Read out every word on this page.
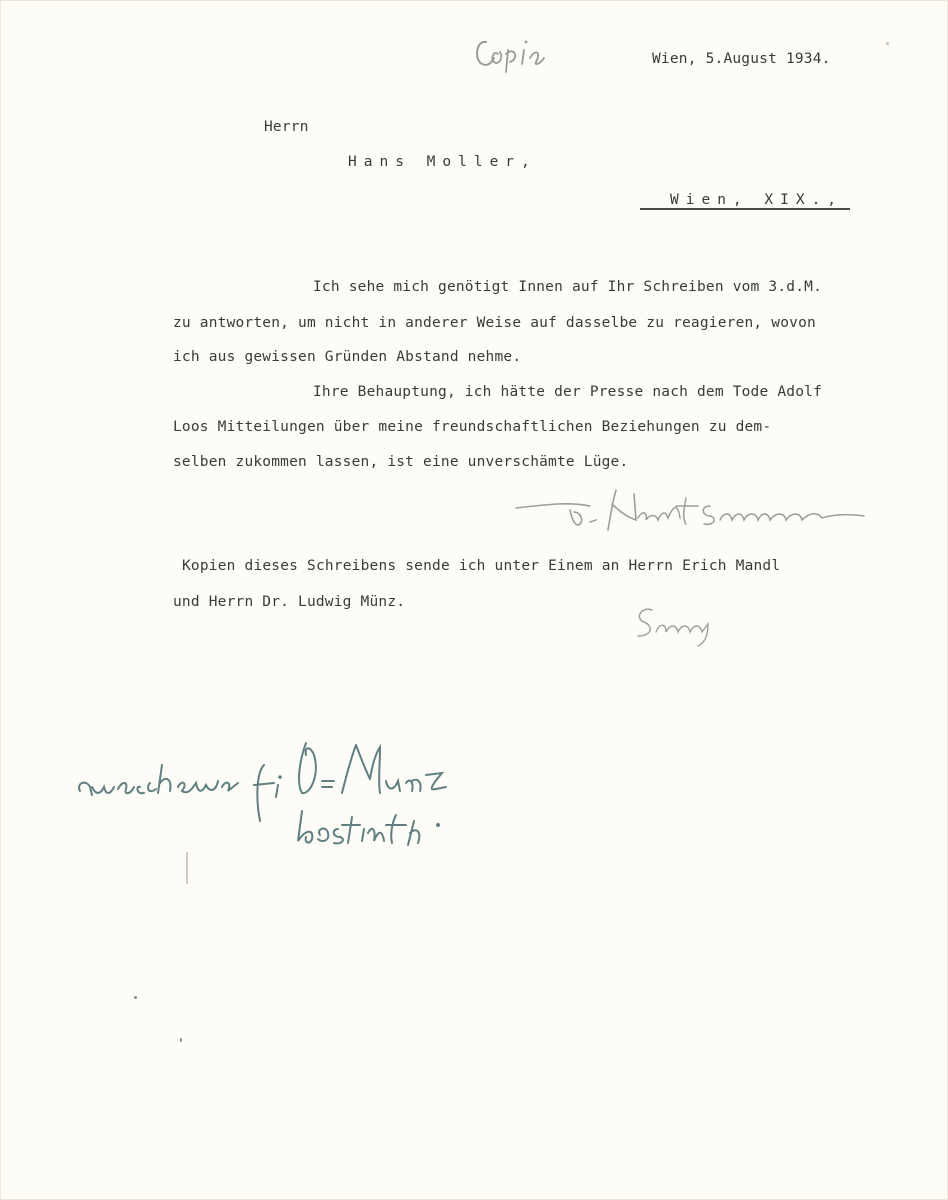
Wien, 5.August 1934.
Herrn
Hans Moller,
Wien, XIX.,
Ich sehe mich genötigt Innen auf Ihr Schreiben vom 3.d.M.
zu antworten, um nicht in anderer Weise auf dasselbe zu reagieren, wovon
ich aus gewissen Gründen Abstand nehme.
Ihre Behauptung, ich hätte der Presse nach dem Tode Adolf
Loos Mitteilungen über meine freundschaftlichen Beziehungen zu dem-
selben zukommen lassen, ist eine unverschämte Lüge.
Kopien dieses Schreibens sende ich unter Einem an Herrn Erich Mandl
und Herrn Dr. Ludwig Münz.
